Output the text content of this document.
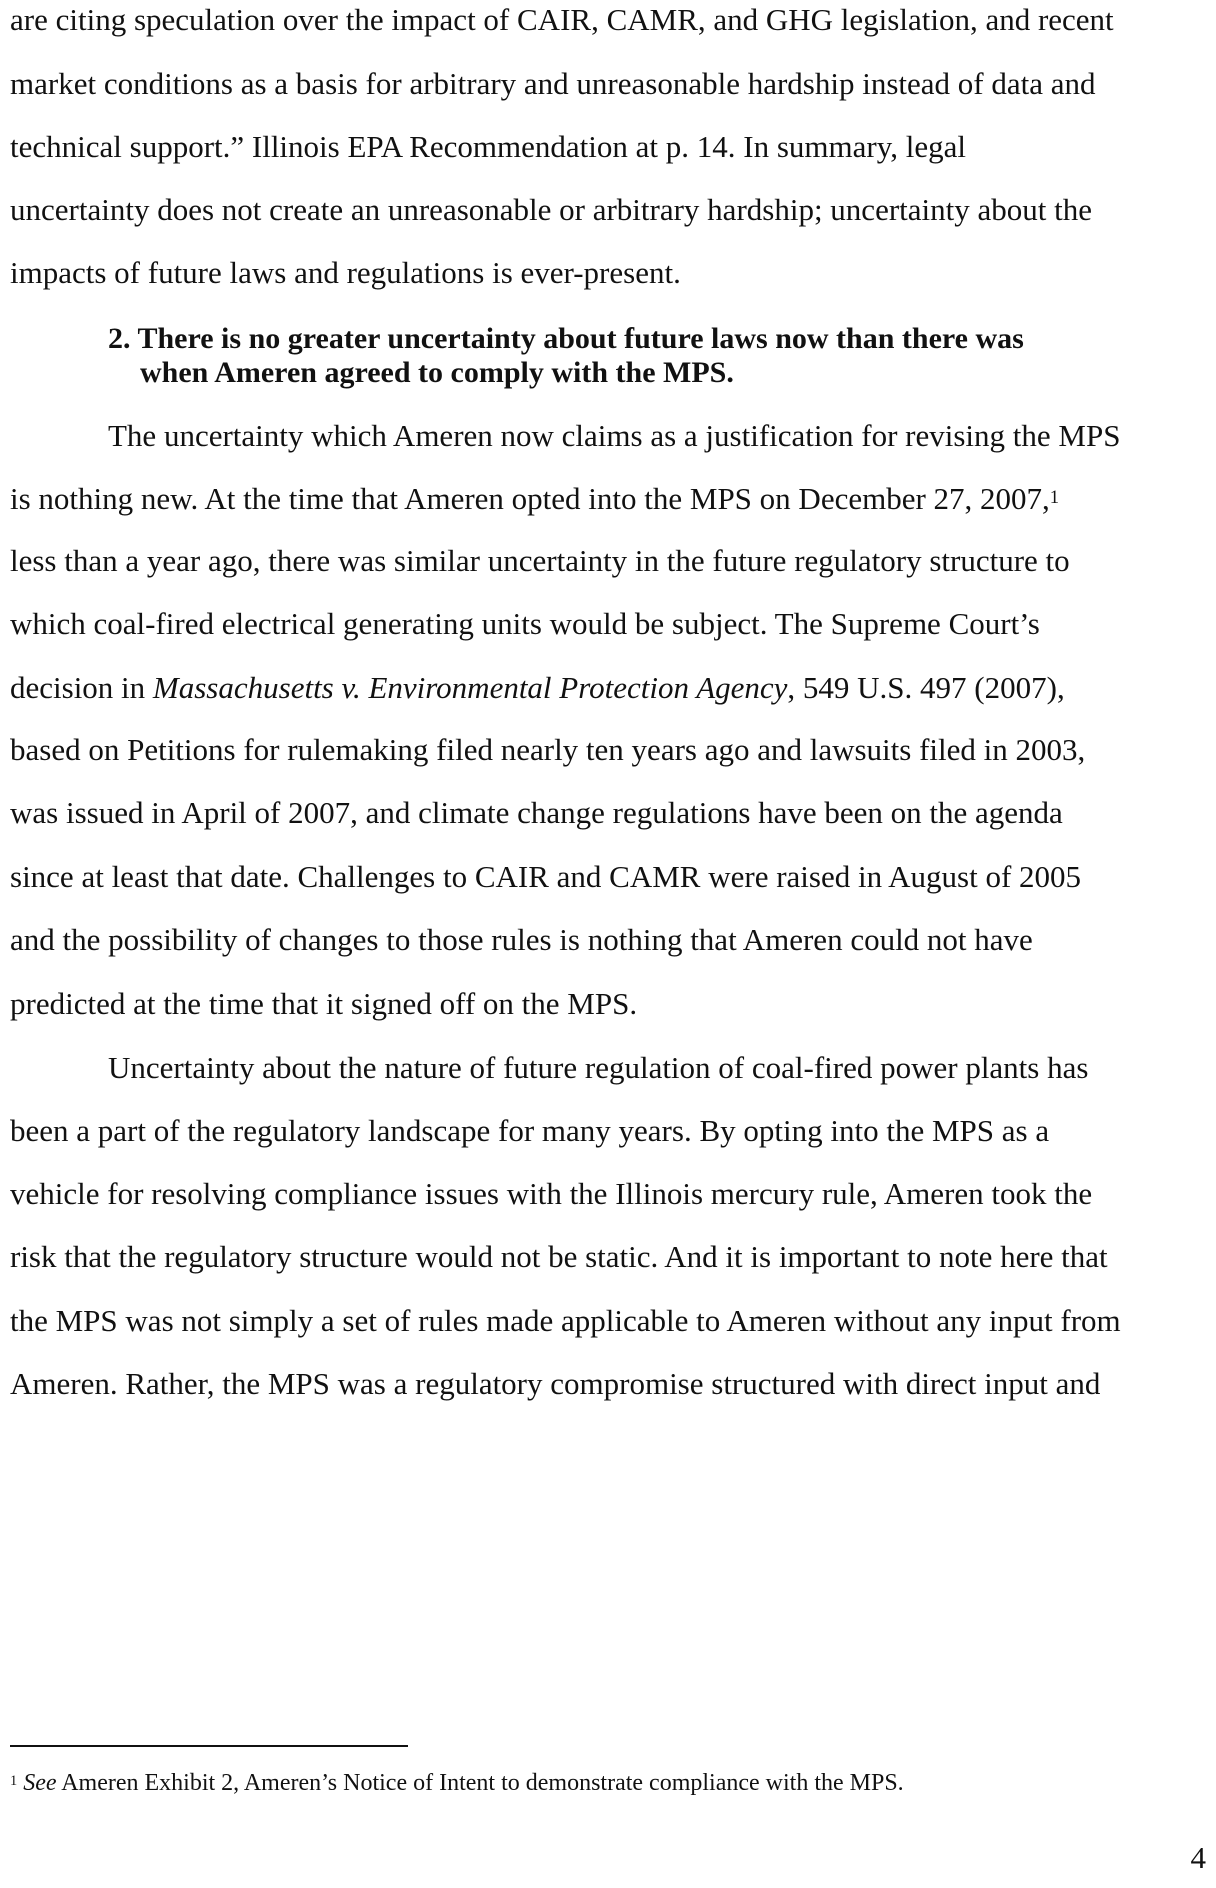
are citing speculation over the impact of CAIR, CAMR, and GHG legislation, and recent
market conditions as a basis for arbitrary and unreasonable hardship instead of data and
technical support.” Illinois EPA Recommendation at p. 14. In summary, legal
uncertainty does not create an unreasonable or arbitrary hardship; uncertainty about the
impacts of future laws and regulations is ever-present.
2. There is no greater uncertainty about future laws now than there was
when Ameren agreed to comply with the MPS.
The uncertainty which Ameren now claims as a justification for revising the MPS
is nothing new. At the time that Ameren opted into the MPS on December 27, 2007,$^1$
less than a year ago, there was similar uncertainty in the future regulatory structure to
which coal-fired electrical generating units would be subject. The Supreme Court’s
decision in Massachusetts v. Environmental Protection Agency, 549 U.S. 497 (2007),
based on Petitions for rulemaking filed nearly ten years ago and lawsuits filed in 2003,
was issued in April of 2007, and climate change regulations have been on the agenda
since at least that date. Challenges to CAIR and CAMR were raised in August of 2005
and the possibility of changes to those rules is nothing that Ameren could not have
predicted at the time that it signed off on the MPS.
Uncertainty about the nature of future regulation of coal-fired power plants has
been a part of the regulatory landscape for many years. By opting into the MPS as a
vehicle for resolving compliance issues with the Illinois mercury rule, Ameren took the
risk that the regulatory structure would not be static. And it is important to note here that
the MPS was not simply a set of rules made applicable to Ameren without any input from
Ameren. Rather, the MPS was a regulatory compromise structured with direct input and
$^1$ See Ameren Exhibit 2, Ameren’s Notice of Intent to demonstrate compliance with the MPS.
4
